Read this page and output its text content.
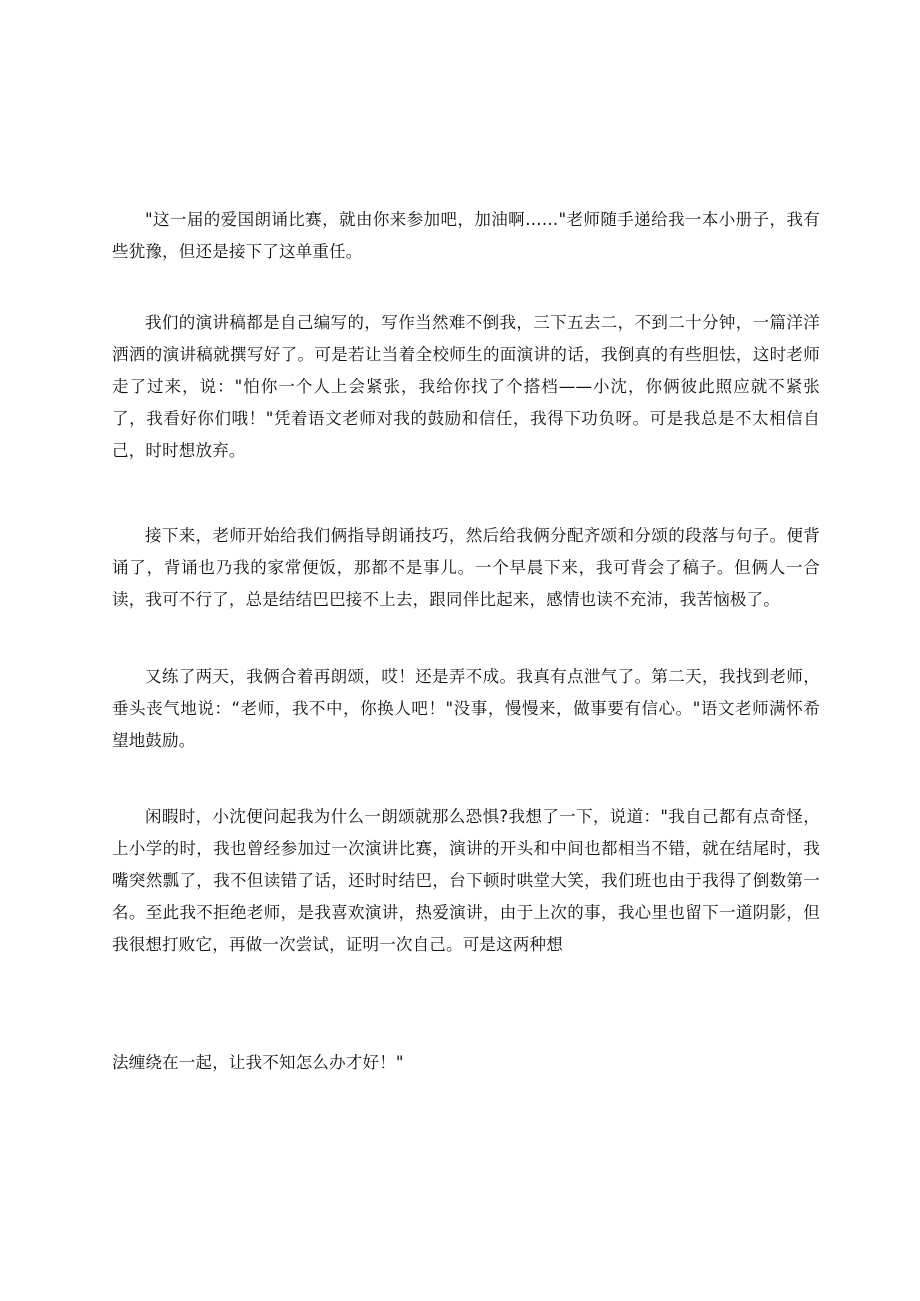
"这一届的爱国朗诵比赛，就由你来参加吧，加油啊……"老师随手递给我一本小册子，我有些犹豫，但还是接下了这单重任。

我们的演讲稿都是自己编写的，写作当然难不倒我，三下五去二，不到二十分钟，一篇洋洋洒洒的演讲稿就撰写好了。可是若让当着全校师生的面演讲的话，我倒真的有些胆怯，这时老师走了过来，说："怕你一个人上会紧张，我给你找了个搭档——小沈，你俩彼此照应就不紧张了，我看好你们哦！"凭着语文老师对我的鼓励和信任，我得下功负呀。可是我总是不太相信自己，时时想放弃。

接下来，老师开始给我们俩指导朗诵技巧，然后给我俩分配齐颂和分颂的段落与句子。便背诵了，背诵也乃我的家常便饭，那都不是事儿。一个早晨下来，我可背会了稿子。但俩人一合读，我可不行了，总是结结巴巴接不上去，跟同伴比起来，感情也读不充沛，我苦恼极了。

又练了两天，我俩合着再朗颂，哎！还是弄不成。我真有点泄气了。第二天，我找到老师，垂头丧气地说：“老师，我不中，你换人吧！"没事，慢慢来，做事要有信心。"语文老师满怀希望地鼓励。

闲暇时，小沈便问起我为什么一朗颂就那么恐惧?我想了一下，说道："我自己都有点奇怪，上小学的时，我也曾经参加过一次演讲比赛，演讲的开头和中间也都相当不错，就在结尾时，我嘴突然瓢了，我不但读错了话，还时时结巴，台下顿时哄堂大笑，我们班也由于我得了倒数第一名。至此我不拒绝老师，是我喜欢演讲，热爱演讲，由于上次的事，我心里也留下一道阴影，但我很想打败它，再做一次尝试，证明一次自己。可是这两种想

法缠绕在一起，让我不知怎么办才好！"
